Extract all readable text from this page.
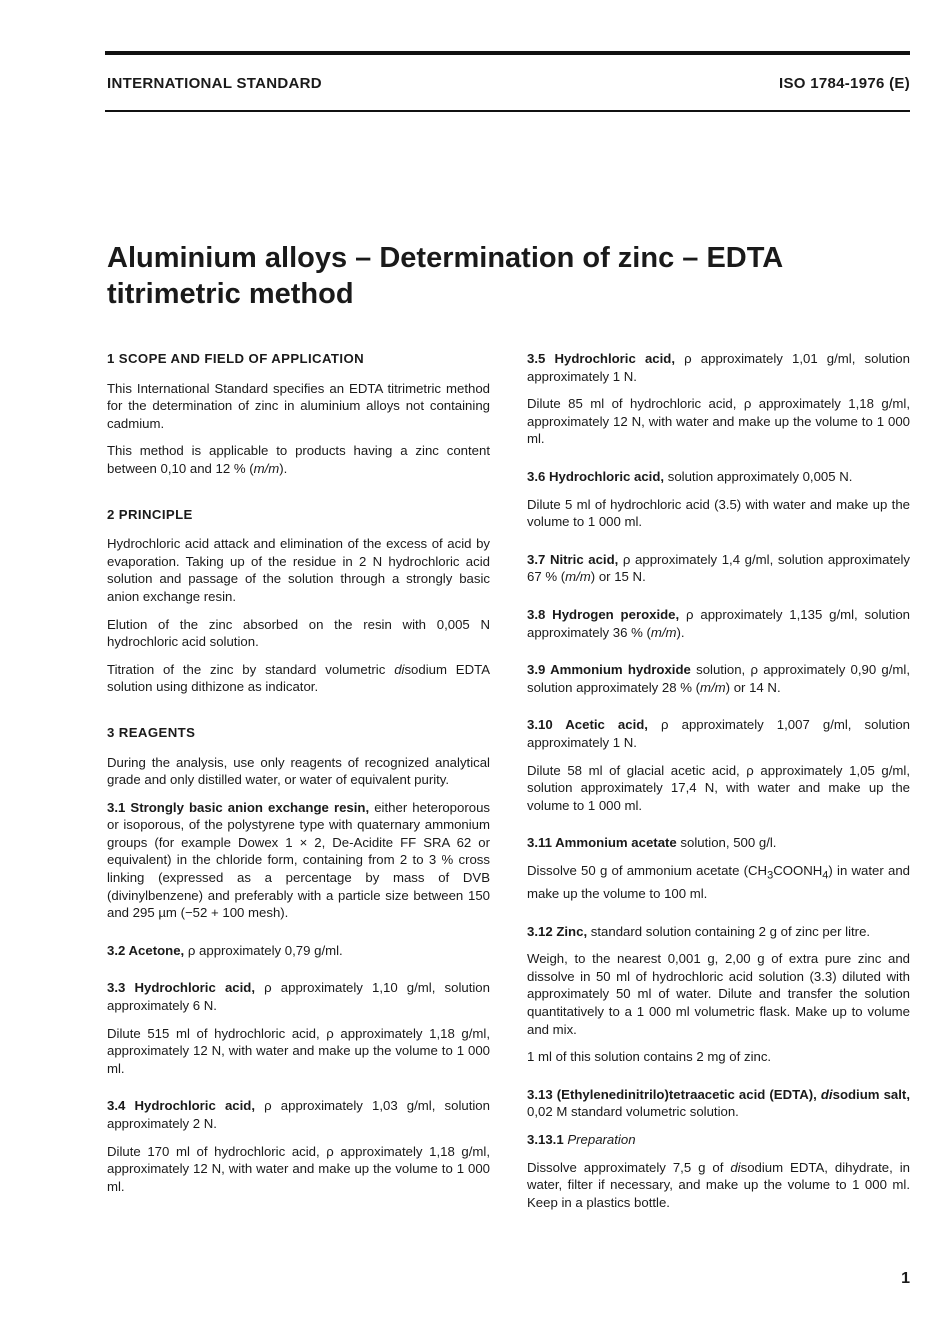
INTERNATIONAL STANDARD	ISO 1784-1976 (E)
Aluminium alloys – Determination of zinc – EDTA titrimetric method
1 SCOPE AND FIELD OF APPLICATION

This International Standard specifies an EDTA titrimetric method for the determination of zinc in aluminium alloys not containing cadmium.

This method is applicable to products having a zinc content between 0,10 and 12 % (m/m).

2 PRINCIPLE

Hydrochloric acid attack and elimination of the excess of acid by evaporation. Taking up of the residue in 2 N hydrochloric acid solution and passage of the solution through a strongly basic anion exchange resin.

Elution of the zinc absorbed on the resin with 0,005 N hydrochloric acid solution.

Titration of the zinc by standard volumetric disodium EDTA solution using dithizone as indicator.

3 REAGENTS

During the analysis, use only reagents of recognized analytical grade and only distilled water, or water of equivalent purity.

3.1 Strongly basic anion exchange resin, either heteroporous or isoporous, of the polystyrene type with quaternary ammonium groups (for example Dowex 1 × 2, De-Acidite FF SRA 62 or equivalent) in the chloride form, containing from 2 to 3 % cross linking (expressed as a percentage by mass of DVB (divinylbenzene) and preferably with a particle size between 150 and 295 µm (−52 + 100 mesh).

3.2 Acetone, ρ approximately 0,79 g/ml.

3.3 Hydrochloric acid, ρ approximately 1,10 g/ml, solution approximately 6 N.

Dilute 515 ml of hydrochloric acid, ρ approximately 1,18 g/ml, approximately 12 N, with water and make up the volume to 1 000 ml.

3.4 Hydrochloric acid, ρ approximately 1,03 g/ml, solution approximately 2 N.

Dilute 170 ml of hydrochloric acid, ρ approximately 1,18 g/ml, approximately 12 N, with water and make up the volume to 1 000 ml.

3.5 Hydrochloric acid, ρ approximately 1,01 g/ml, solution approximately 1 N.

Dilute 85 ml of hydrochloric acid, ρ approximately 1,18 g/ml, approximately 12 N, with water and make up the volume to 1 000 ml.

3.6 Hydrochloric acid, solution approximately 0,005 N.

Dilute 5 ml of hydrochloric acid (3.5) with water and make up the volume to 1 000 ml.

3.7 Nitric acid, ρ approximately 1,4 g/ml, solution approximately 67 % (m/m) or 15 N.

3.8 Hydrogen peroxide, ρ approximately 1,135 g/ml, solution approximately 36 % (m/m).

3.9 Ammonium hydroxide solution, ρ approximately 0,90 g/ml, solution approximately 28 % (m/m) or 14 N.

3.10 Acetic acid, ρ approximately 1,007 g/ml, solution approximately 1 N.

Dilute 58 ml of glacial acetic acid, ρ approximately 1,05 g/ml, solution approximately 17,4 N, with water and make up the volume to 1 000 ml.

3.11 Ammonium acetate solution, 500 g/l.

Dissolve 50 g of ammonium acetate $(CH_3COONH_4)$ in water and make up the volume to 100 ml.

3.12 Zinc, standard solution containing 2 g of zinc per litre.

Weigh, to the nearest 0,001 g, 2,00 g of extra pure zinc and dissolve in 50 ml of hydrochloric acid solution (3.3) diluted with approximately 50 ml of water. Dilute and transfer the solution quantitatively to a 1 000 ml volumetric flask. Make up to volume and mix.

1 ml of this solution contains 2 mg of zinc.

3.13 (Ethylenedinitrilo)tetraacetic acid (EDTA), disodium salt, 0,02 M standard volumetric solution.

3.13.1 Preparation

Dissolve approximately 7,5 g of disodium EDTA, dihydrate, in water, filter if necessary, and make up the volume to 1 000 ml. Keep in a plastics bottle.

1
